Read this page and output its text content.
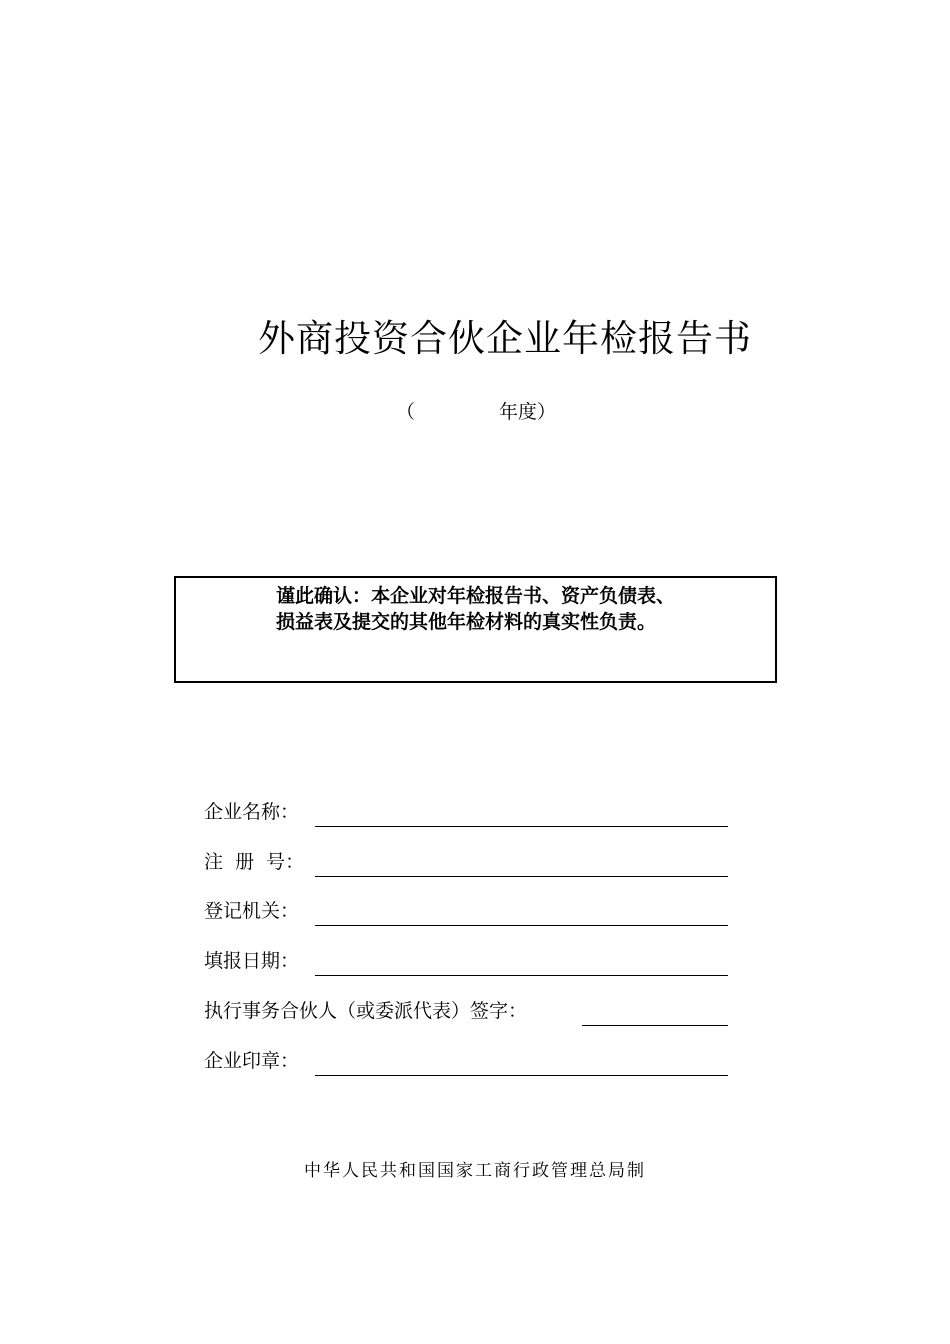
外商投资合伙企业年检报告书
（	年度）
谨此确认：本企业对年检报告书、资产负债表、
损益表及提交的其他年检材料的真实性负责。
企业名称：
注  册  号：
登记机关：
填报日期：
执行事务合伙人（或委派代表）签字：
企业印章：
中华人民共和国国家工商行政管理总局制
